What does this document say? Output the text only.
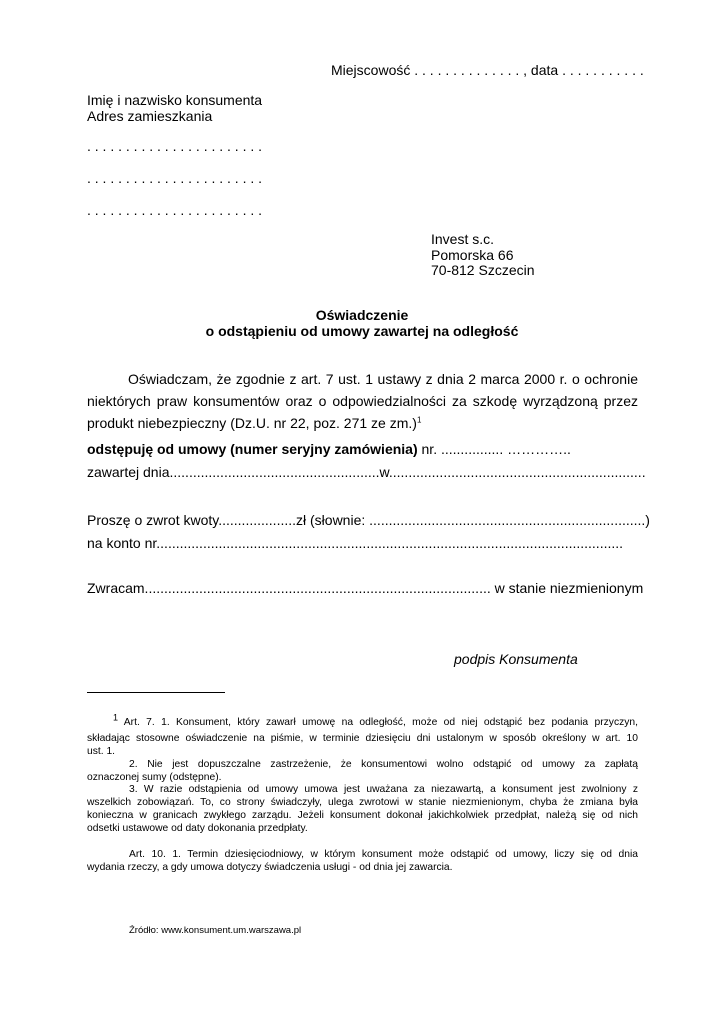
Miejscowość . . . . . . . . . . . . . . , data . . . . . . . . . . .
Imię i nazwisko konsumenta
Adres zamieszkania
. . . . . . . . . . . . . . . . . . . . . . .
. . . . . . . . . . . . . . . . . . . . . . .
. . . . . . . . . . . . . . . . . . . . . . .
Invest s.c.
Pomorska 66
70-812 Szczecin
Oświadczenie
o odstąpieniu od umowy zawartej na odległość
Oświadczam, że zgodnie z art. 7 ust. 1 ustawy z dnia 2 marca 2000 r. o ochronie
niektórych praw konsumentów oraz o odpowiedzialności za szkodę wyrządzoną przez
produkt niebezpieczny (Dz.U. nr 22, poz. 271 ze zm.)$^1$
odstępuję od umowy (numer seryjny zamówienia) nr. ................ …………..
zawartej dnia......................................................w..................................................................
Proszę o zwrot kwoty....................zł (słownie: .......................................................................)
na konto nr........................................................................................................................
Zwracam......................................................................................... w stanie niezmienionym
podpis Konsumenta
1 Art. 7. 1. Konsument, który zawarł umowę na odległość, może od niej odstąpić bez podania przyczyn,
składając stosowne oświadczenie na piśmie, w terminie dziesięciu dni ustalonym w sposób określony w art. 10
ust. 1.
2. Nie jest dopuszczalne zastrzeżenie, że konsumentowi wolno odstąpić od umowy za zapłatą
oznaczonej sumy (odstępne).
3. W razie odstąpienia od umowy umowa jest uważana za niezawartą, a konsument jest zwolniony z
wszelkich zobowiązań. To, co strony świadczyły, ulega zwrotowi w stanie niezmienionym, chyba że zmiana była
konieczna w granicach zwykłego zarządu. Jeżeli konsument dokonał jakichkolwiek przedpłat, należą się od nich
odsetki ustawowe od daty dokonania przedpłaty.
Art. 10. 1. Termin dziesięciodniowy, w którym konsument może odstąpić od umowy, liczy się od dnia
wydania rzeczy, a gdy umowa dotyczy świadczenia usługi - od dnia jej zawarcia.
Źródło: www.konsument.um.warszawa.pl
